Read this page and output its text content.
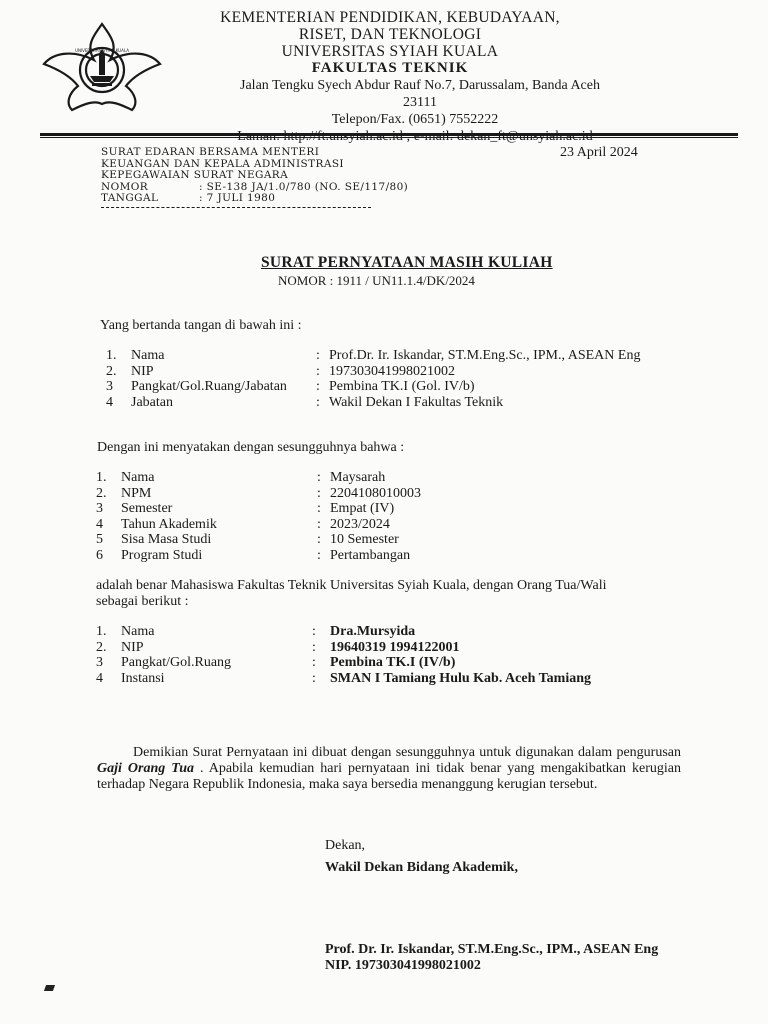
UNIVERSITAS SYIAH KUALA
KEMENTERIAN PENDIDIKAN, KEBUDAYAAN,
RISET, DAN TEKNOLOGI
UNIVERSITAS SYIAH KUALA
FAKULTAS TEKNIK
Jalan Tengku Syech Abdur Rauf No.7, Darussalam, Banda Aceh 23111
Telepon/Fax. (0651) 7552222
SURAT EDARAN BERSAMA MENTERI
KEUANGAN DAN KEPALA ADMINISTRASI
KEPEGAWAIAN SURAT NEGARA
NOMOR	: SE-138 JA/1.0/780 (NO. SE/117/80)
TANGGAL	: 7 JULI 1980
23 April 2024
SURAT PERNYATAAN MASIH KULIAH
NOMOR : 1911 / UN11.1.4/DK/2024
Yang bertanda tangan di bawah ini :
1.	Nama	: Prof.Dr. Ir. Iskandar, ST.M.Eng.Sc., IPM., ASEAN Eng
2.	NIP	: 197303041998021002
3	Pangkat/Gol.Ruang/Jabatan	: Pembina TK.I (Gol. IV/b)
4	Jabatan	: Wakil Dekan I Fakultas Teknik
Dengan ini menyatakan dengan sesungguhnya bahwa :
1.	Nama	: Maysarah
2.	NPM	: 2204108010003
3	Semester	: Empat (IV)
4	Tahun Akademik	: 2023/2024
5	Sisa Masa Studi	: 10 Semester
6	Program Studi	: Pertambangan
adalah benar Mahasiswa Fakultas Teknik Universitas Syiah Kuala, dengan Orang Tua/Wali
sebagai berikut :
1.	Nama	:	Dra.Mursyida
2.	NIP	:	19640319 1994122001
3	Pangkat/Gol.Ruang	:	Pembina TK.I (IV/b)
4	Instansi	:	SMAN I Tamiang Hulu Kab. Aceh Tamiang
Demikian Surat Pernyataan ini dibuat dengan sesungguhnya untuk digunakan dalam pengurusan Gaji Orang Tua . Apabila kemudian hari pernyataan ini tidak benar yang mengakibatkan kerugian terhadap Negara Republik Indonesia, maka saya bersedia menanggung kerugian tersebut.
Dekan,
Wakil Dekan Bidang Akademik,
Prof. Dr. Ir. Iskandar, ST.M.Eng.Sc., IPM., ASEAN Eng
NIP. 197303041998021002
